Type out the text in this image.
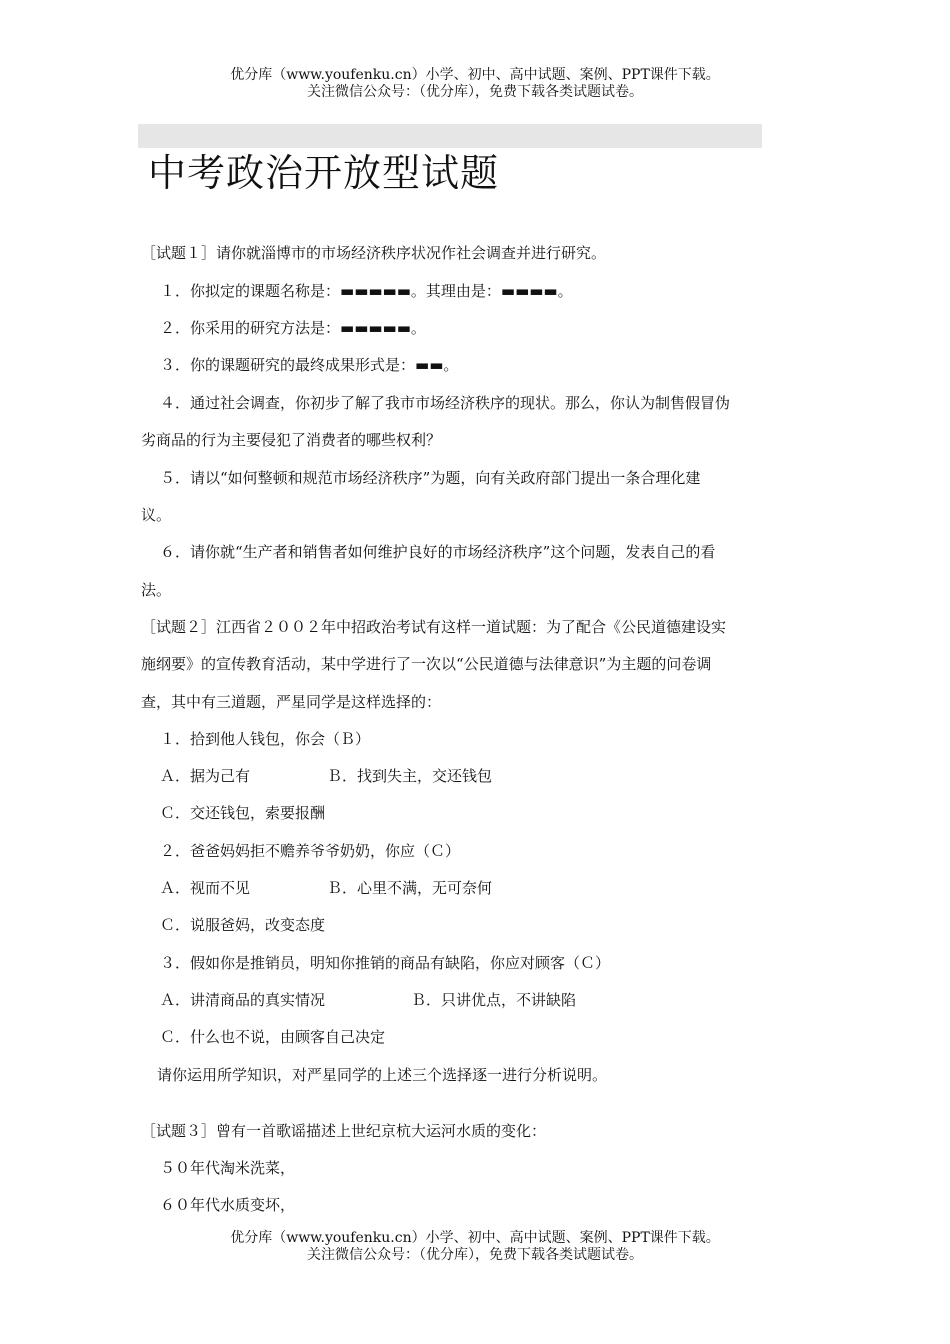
优分库（www.youfenku.cn）小学、初中、高中试题、案例、PPT课件下载。
关注微信公众号：（优分库），免费下载各类试题试卷。
中考政治开放型试题
［试题１］请你就淄博市的市场经济秩序状况作社会调查并进行研究。
１．你拟定的课题名称是：▬▬▬▬▬。其理由是：▬▬▬▬。
２．你采用的研究方法是：▬▬▬▬▬。
３．你的课题研究的最终成果形式是：▬▬。
４．通过社会调查，你初步了解了我市市场经济秩序的现状。那么，你认为制售假冒伪
劣商品的行为主要侵犯了消费者的哪些权利？
５．请以“如何整顿和规范市场经济秩序”为题，向有关政府部门提出一条合理化建
议。
６．请你就“生产者和销售者如何维护良好的市场经济秩序”这个问题，发表自己的看
法。
［试题２］江西省２００２年中招政治考试有这样一道试题：为了配合《公民道德建设实
施纲要》的宣传教育活动，某中学进行了一次以“公民道德与法律意识”为主题的问卷调
查，其中有三道题，严星同学是这样选择的：
１．拾到他人钱包，你会（Ｂ）
Ａ．据为己有	Ｂ．找到失主，交还钱包
Ｃ．交还钱包，索要报酬
２．爸爸妈妈拒不赡养爷爷奶奶，你应（Ｃ）
Ａ．视而不见	Ｂ．心里不满，无可奈何
Ｃ．说服爸妈，改变态度
３．假如你是推销员，明知你推销的商品有缺陷，你应对顾客（Ｃ）
Ａ．讲清商品的真实情况	Ｂ．只讲优点，不讲缺陷
Ｃ．什么也不说，由顾客自己决定
请你运用所学知识，对严星同学的上述三个选择逐一进行分析说明。
［试题３］曾有一首歌谣描述上世纪京杭大运河水质的变化：
５０年代淘米洗菜，
６０年代水质变坏，
优分库（www.youfenku.cn）小学、初中、高中试题、案例、PPT课件下载。
关注微信公众号：（优分库），免费下载各类试题试卷。
